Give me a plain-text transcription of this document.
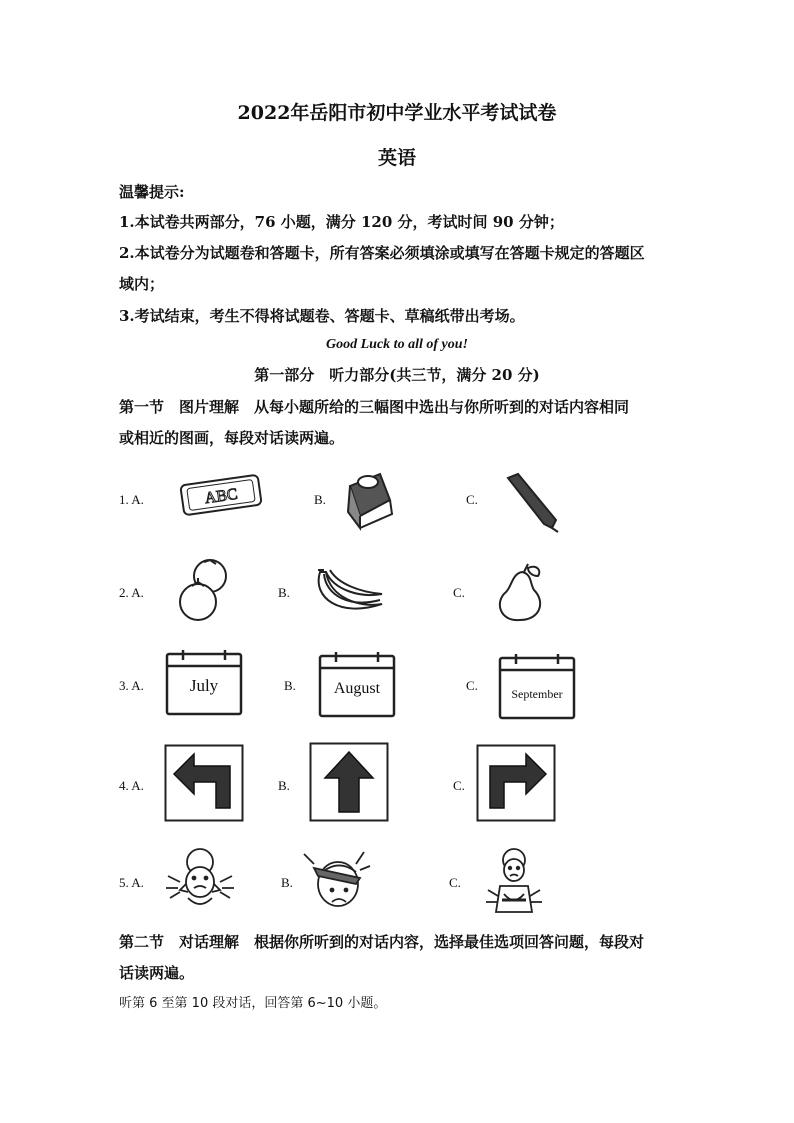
2022年岳阳市初中学业水平考试试卷
英语
温馨提示:
1.本试卷共两部分，76 小题，满分 120 分，考试时间 90 分钟；
2.本试卷分为试题卷和答题卡，所有答案必须填涂或填写在答题卡规定的答题区
域内；
3.考试结束，考生不得将试题卷、答题卡、草稿纸带出考场。
Good Luck to all of you!
第一部分　听力部分(共三节，满分 20 分)
第一节　图片理解　从每小题所给的三幅图中选出与你所听到的对话内容相同
或相近的图画，每段对话读两遍。
1. A.	ABC	B.	C.
2. A.	B.	C.
3. A.	July	B.	August	C.
September
4. A.	B.	C.
5. A.	B.	C.
第二节　对话理解　根据你所听到的对话内容，选择最佳选项回答问题，每段对
话读两遍。
听第 6 至第 10 段对话，回答第 6~10 小题。
